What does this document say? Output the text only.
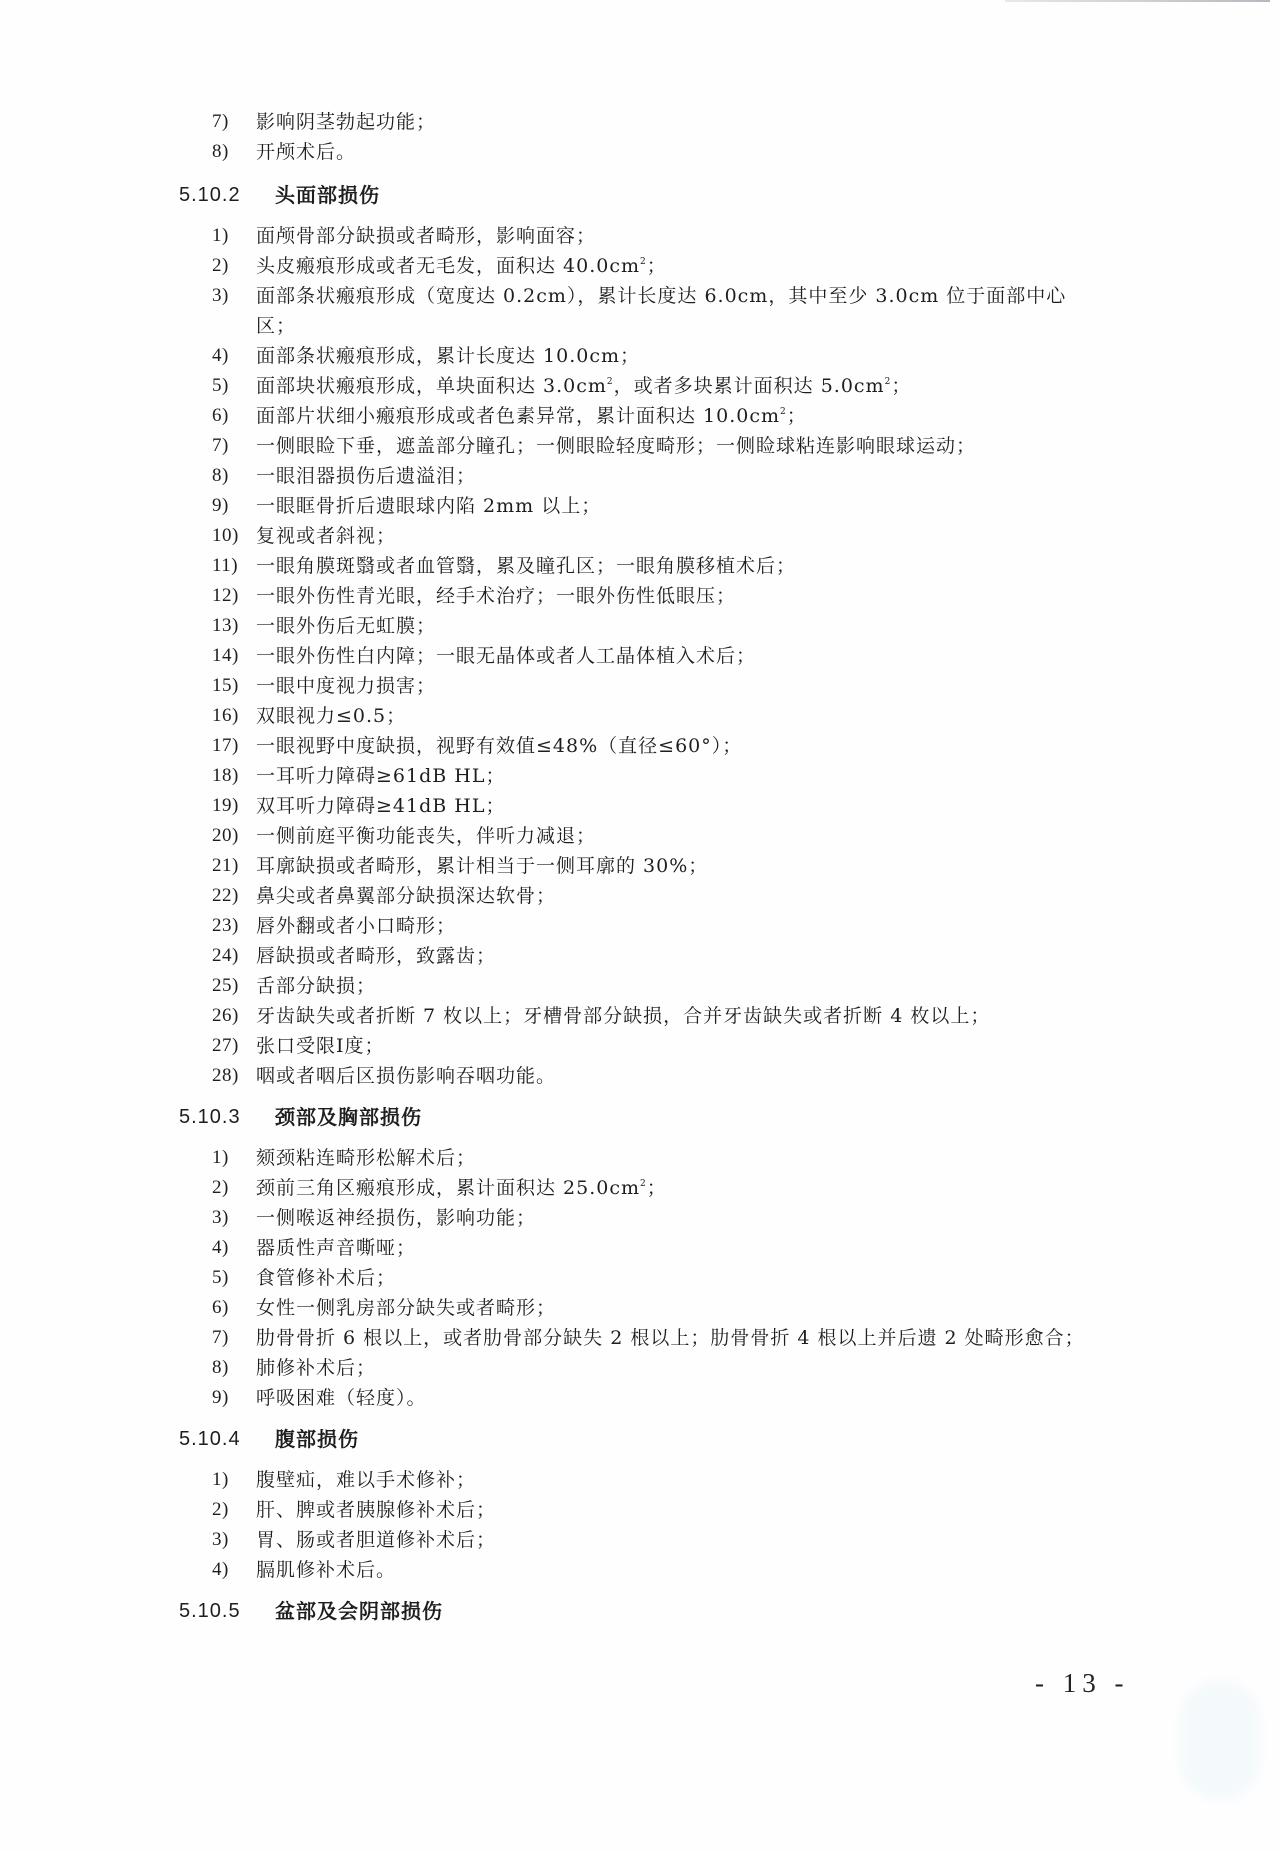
7) 影响阴茎勃起功能；
8) 开颅术后。
5.10.2 头面部损伤
1) 面颅骨部分缺损或者畸形，影响面容；
2) 头皮瘢痕形成或者无毛发，面积达 $40.0cm^2$；
3) 面部条状瘢痕形成（宽度达 0.2cm），累计长度达 6.0cm，其中至少 3.0cm 位于面部中心
区；
4) 面部条状瘢痕形成，累计长度达 10.0cm；
5) 面部块状瘢痕形成，单块面积达 $3.0cm^2$，或者多块累计面积达 $5.0cm^2$；
6) 面部片状细小瘢痕形成或者色素异常，累计面积达 $10.0cm^2$；
7) 一侧眼睑下垂，遮盖部分瞳孔；一侧眼睑轻度畸形；一侧睑球粘连影响眼球运动；
8) 一眼泪器损伤后遗溢泪；
9) 一眼眶骨折后遗眼球内陷 2mm 以上；
10) 复视或者斜视；
11) 一眼角膜斑翳或者血管翳，累及瞳孔区；一眼角膜移植术后；
12) 一眼外伤性青光眼，经手术治疗；一眼外伤性低眼压；
13) 一眼外伤后无虹膜；
14) 一眼外伤性白内障；一眼无晶体或者人工晶体植入术后；
15) 一眼中度视力损害；
16) 双眼视力≤0.5；
17) 一眼视野中度缺损，视野有效值≤48%（直径≤60°）；
18) 一耳听力障碍≥61dB HL；
19) 双耳听力障碍≥41dB HL；
20) 一侧前庭平衡功能丧失，伴听力减退；
21) 耳廓缺损或者畸形，累计相当于一侧耳廓的 30%；
22) 鼻尖或者鼻翼部分缺损深达软骨；
23) 唇外翻或者小口畸形；
24) 唇缺损或者畸形，致露齿；
25) 舌部分缺损；
26) 牙齿缺失或者折断 7 枚以上；牙槽骨部分缺损，合并牙齿缺失或者折断 4 枚以上；
27) 张口受限Ⅰ度；
28) 咽或者咽后区损伤影响吞咽功能。
5.10.3 颈部及胸部损伤
1) 颏颈粘连畸形松解术后；
2) 颈前三角区瘢痕形成，累计面积达 $25.0cm^2$；
3) 一侧喉返神经损伤，影响功能；
4) 器质性声音嘶哑；
5) 食管修补术后；
6) 女性一侧乳房部分缺失或者畸形；
7) 肋骨骨折 6 根以上，或者肋骨部分缺失 2 根以上；肋骨骨折 4 根以上并后遗 2 处畸形愈合；
8) 肺修补术后；
9) 呼吸困难（轻度）。
5.10.4 腹部损伤
1) 腹壁疝，难以手术修补；
2) 肝、脾或者胰腺修补术后；
3) 胃、肠或者胆道修补术后；
4) 膈肌修补术后。
5.10.5 盆部及会阴部损伤
- 13 -
